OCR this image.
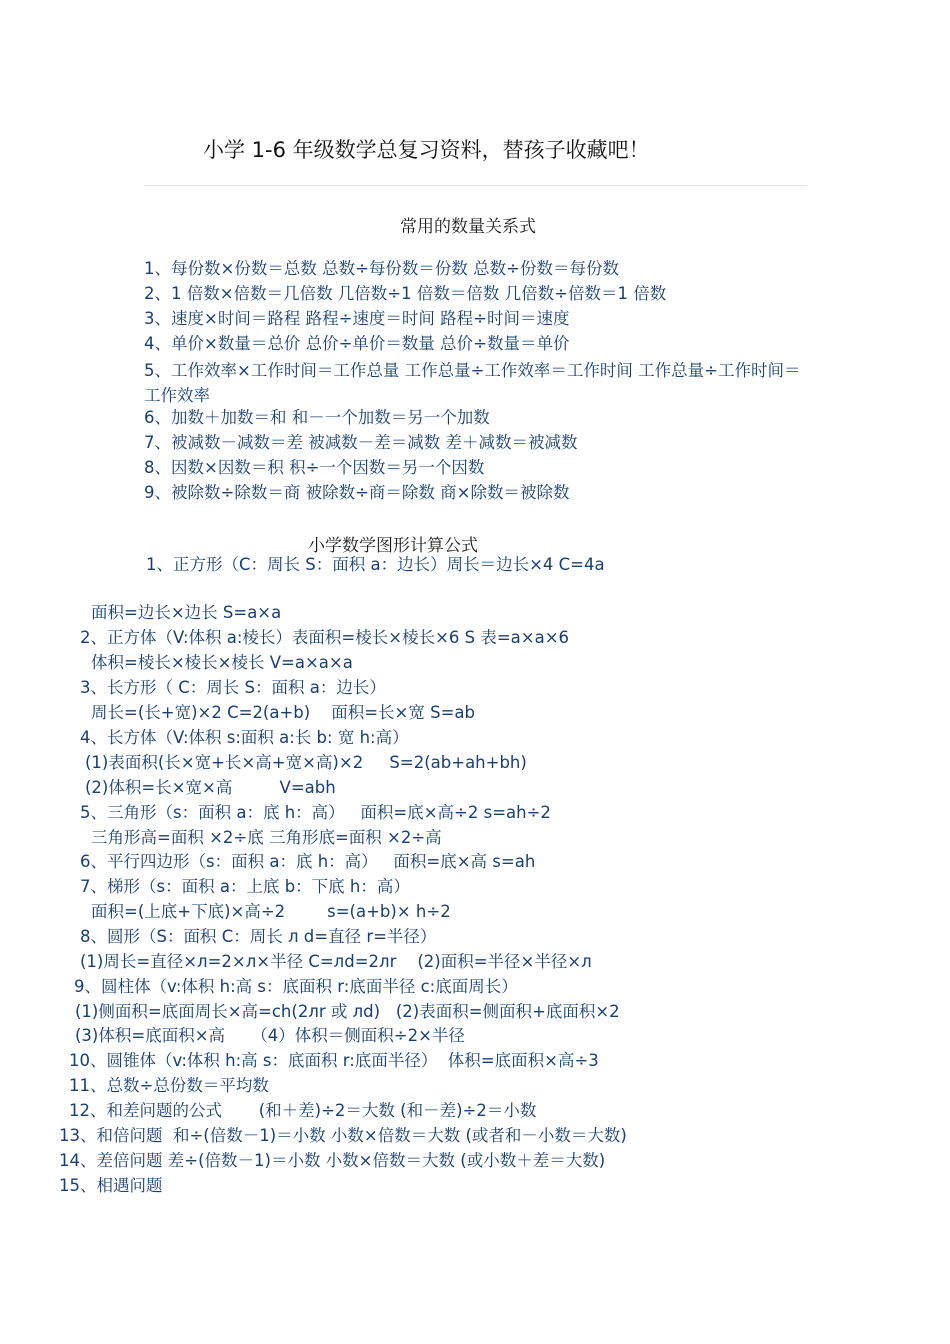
小学 1-6 年级数学总复习资料，替孩子收藏吧！
常用的数量关系式
1、每份数×份数＝总数 总数÷每份数＝份数 总数÷份数＝每份数
2、1 倍数×倍数＝几倍数 几倍数÷1 倍数＝倍数 几倍数÷倍数＝1 倍数
3、速度×时间＝路程 路程÷速度＝时间 路程÷时间＝速度
4、单价×数量＝总价 总价÷单价＝数量 总价÷数量＝单价
5、工作效率×工作时间＝工作总量 工作总量÷工作效率＝工作时间 工作总量÷工作时间＝工作效率
6、加数＋加数＝和 和－一个加数＝另一个加数
7、被减数－减数＝差 被减数－差＝减数 差＋减数＝被减数
8、因数×因数＝积 积÷一个因数＝另一个因数
9、被除数÷除数＝商 被除数÷商＝除数 商×除数＝被除数
小学数学图形计算公式
1、正方形（C：周长 S：面积 a：边长）周长＝边长×4 C=4a
面积=边长×边长 S=a×a
2、正方体（V:体积 a:棱长）表面积=棱长×棱长×6 S 表=a×a×6
体积=棱长×棱长×棱长 V=a×a×a
3、长方形（ C：周长 S：面积 a：边长）
周长=(长+宽)×2 C=2(a+b)    面积=长×宽 S=ab
4、长方体（V:体积 s:面积 a:长 b: 宽 h:高）
(1)表面积(长×宽+长×高+宽×高)×2     S=2(ab+ah+bh)
(2)体积=长×宽×高         V=abh
5、三角形（s：面积 a：底 h：高）   面积=底×高÷2 s=ah÷2
三角形高=面积 ×2÷底 三角形底=面积 ×2÷高
6、平行四边形（s：面积 a：底 h：高）   面积=底×高 s=ah
7、梯形（s：面积 a：上底 b：下底 h：高）
面积=(上底+下底)×高÷2        s=(a+b)× h÷2
8、圆形（S：面积 C：周长 л d=直径 r=半径）
(1)周长=直径×л=2×л×半径 C=лd=2лr    (2)面积=半径×半径×л
9、圆柱体（v:体积 h:高 s：底面积 r:底面半径 c:底面周长）
(1)侧面积=底面周长×高=ch(2лr 或 лd)   (2)表面积=侧面积+底面积×2
(3)体积=底面积×高     （4）体积＝侧面积÷2×半径
10、圆锥体（v:体积 h:高 s：底面积 r:底面半径）  体积=底面积×高÷3
11、总数÷总份数＝平均数
12、和差问题的公式       (和＋差)÷2＝大数 (和－差)÷2＝小数
13、和倍问题  和÷(倍数－1)＝小数 小数×倍数＝大数 (或者和－小数＝大数)
14、差倍问题 差÷(倍数－1)＝小数 小数×倍数＝大数 (或小数＋差＝大数)
15、相遇问题
